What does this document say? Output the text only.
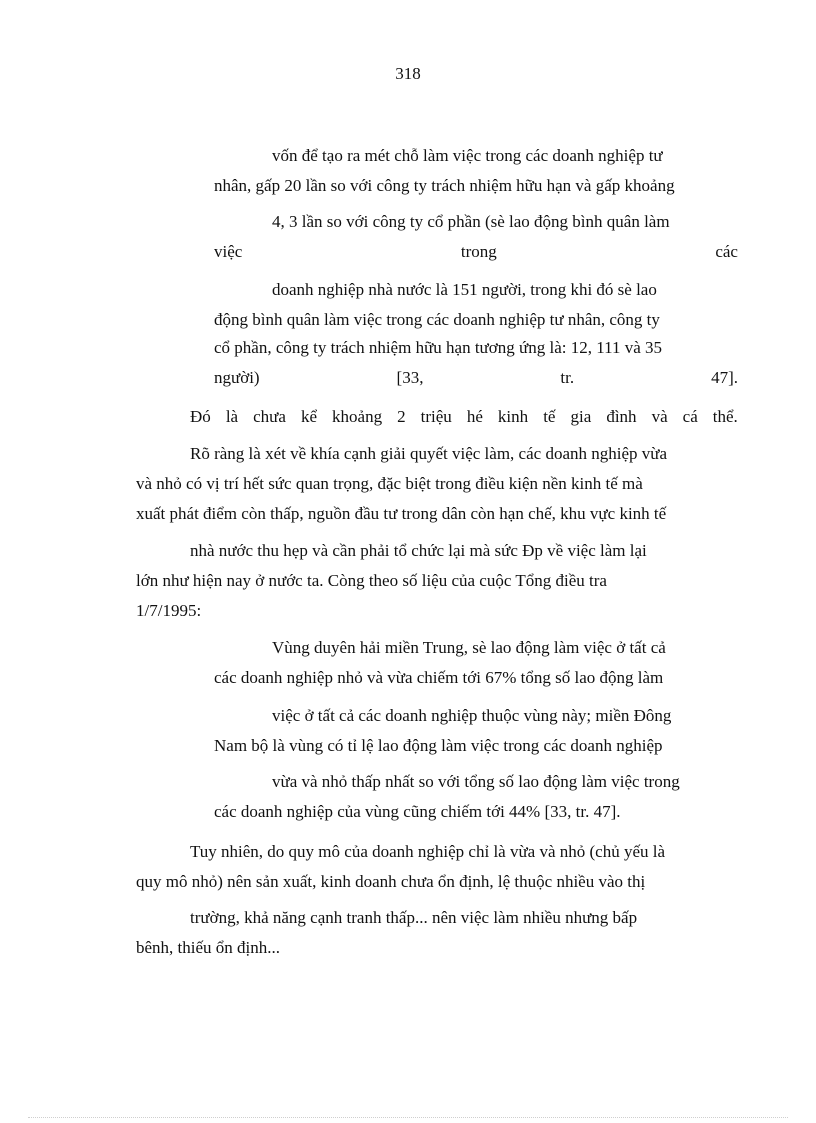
318
vốn để tạo ra mét chỗ làm việc trong các doanh nghiệp tư
nhân, gấp 20 lần so với công ty trách nhiệm hữu hạn và gấp khoảng
4, 3 lần so với công ty cổ phần (sè lao động bình quân làm
việc	trong	các
doanh nghiệp nhà nước là 151 người, trong khi đó sè lao
động bình quân làm việc trong các doanh nghiệp tư nhân, công ty
cổ phần, công ty trách nhiệm hữu hạn tương ứng là: 12, 111 và 35
người)	[33,	tr.	47].
Đó là chưa kể khoảng 2 triệu hé kinh tế gia đình và cá thể.
Rõ ràng là xét về khía cạnh giải quyết việc làm, các doanh nghiệp vừa
và nhỏ có vị trí hết sức quan trọng, đặc biệt trong điều kiện nền kinh tế mà
xuất phát điểm còn thấp, nguồn đầu tư trong dân còn hạn chế, khu vực kinh tế
nhà nước thu hẹp và cần phải tổ chức lại mà sức Ðp về việc làm lại
lớn như hiện nay ở nước ta. Còng theo số liệu của cuộc Tổng điều tra
1/7/1995:
Vùng duyên hải miền Trung, sè lao động làm việc ở tất cả
các doanh nghiệp nhỏ và vừa chiếm tới 67% tổng số lao động làm
việc ở tất cả các doanh nghiệp thuộc vùng này; miền Đông
Nam bộ là vùng có tỉ lệ lao động làm việc trong các doanh nghiệp
vừa và nhỏ thấp nhất so với tổng số lao động làm việc trong
các doanh nghiệp của vùng cũng chiếm tới 44% [33, tr. 47].
Tuy nhiên, do quy mô của doanh nghiệp chỉ là vừa và nhỏ (chủ yếu là
quy mô nhỏ) nên sản xuất, kinh doanh chưa ổn định, lệ thuộc nhiều vào thị
trường, khả năng cạnh tranh thấp... nên việc làm nhiều nhưng bấp
bênh, thiếu ổn định...
